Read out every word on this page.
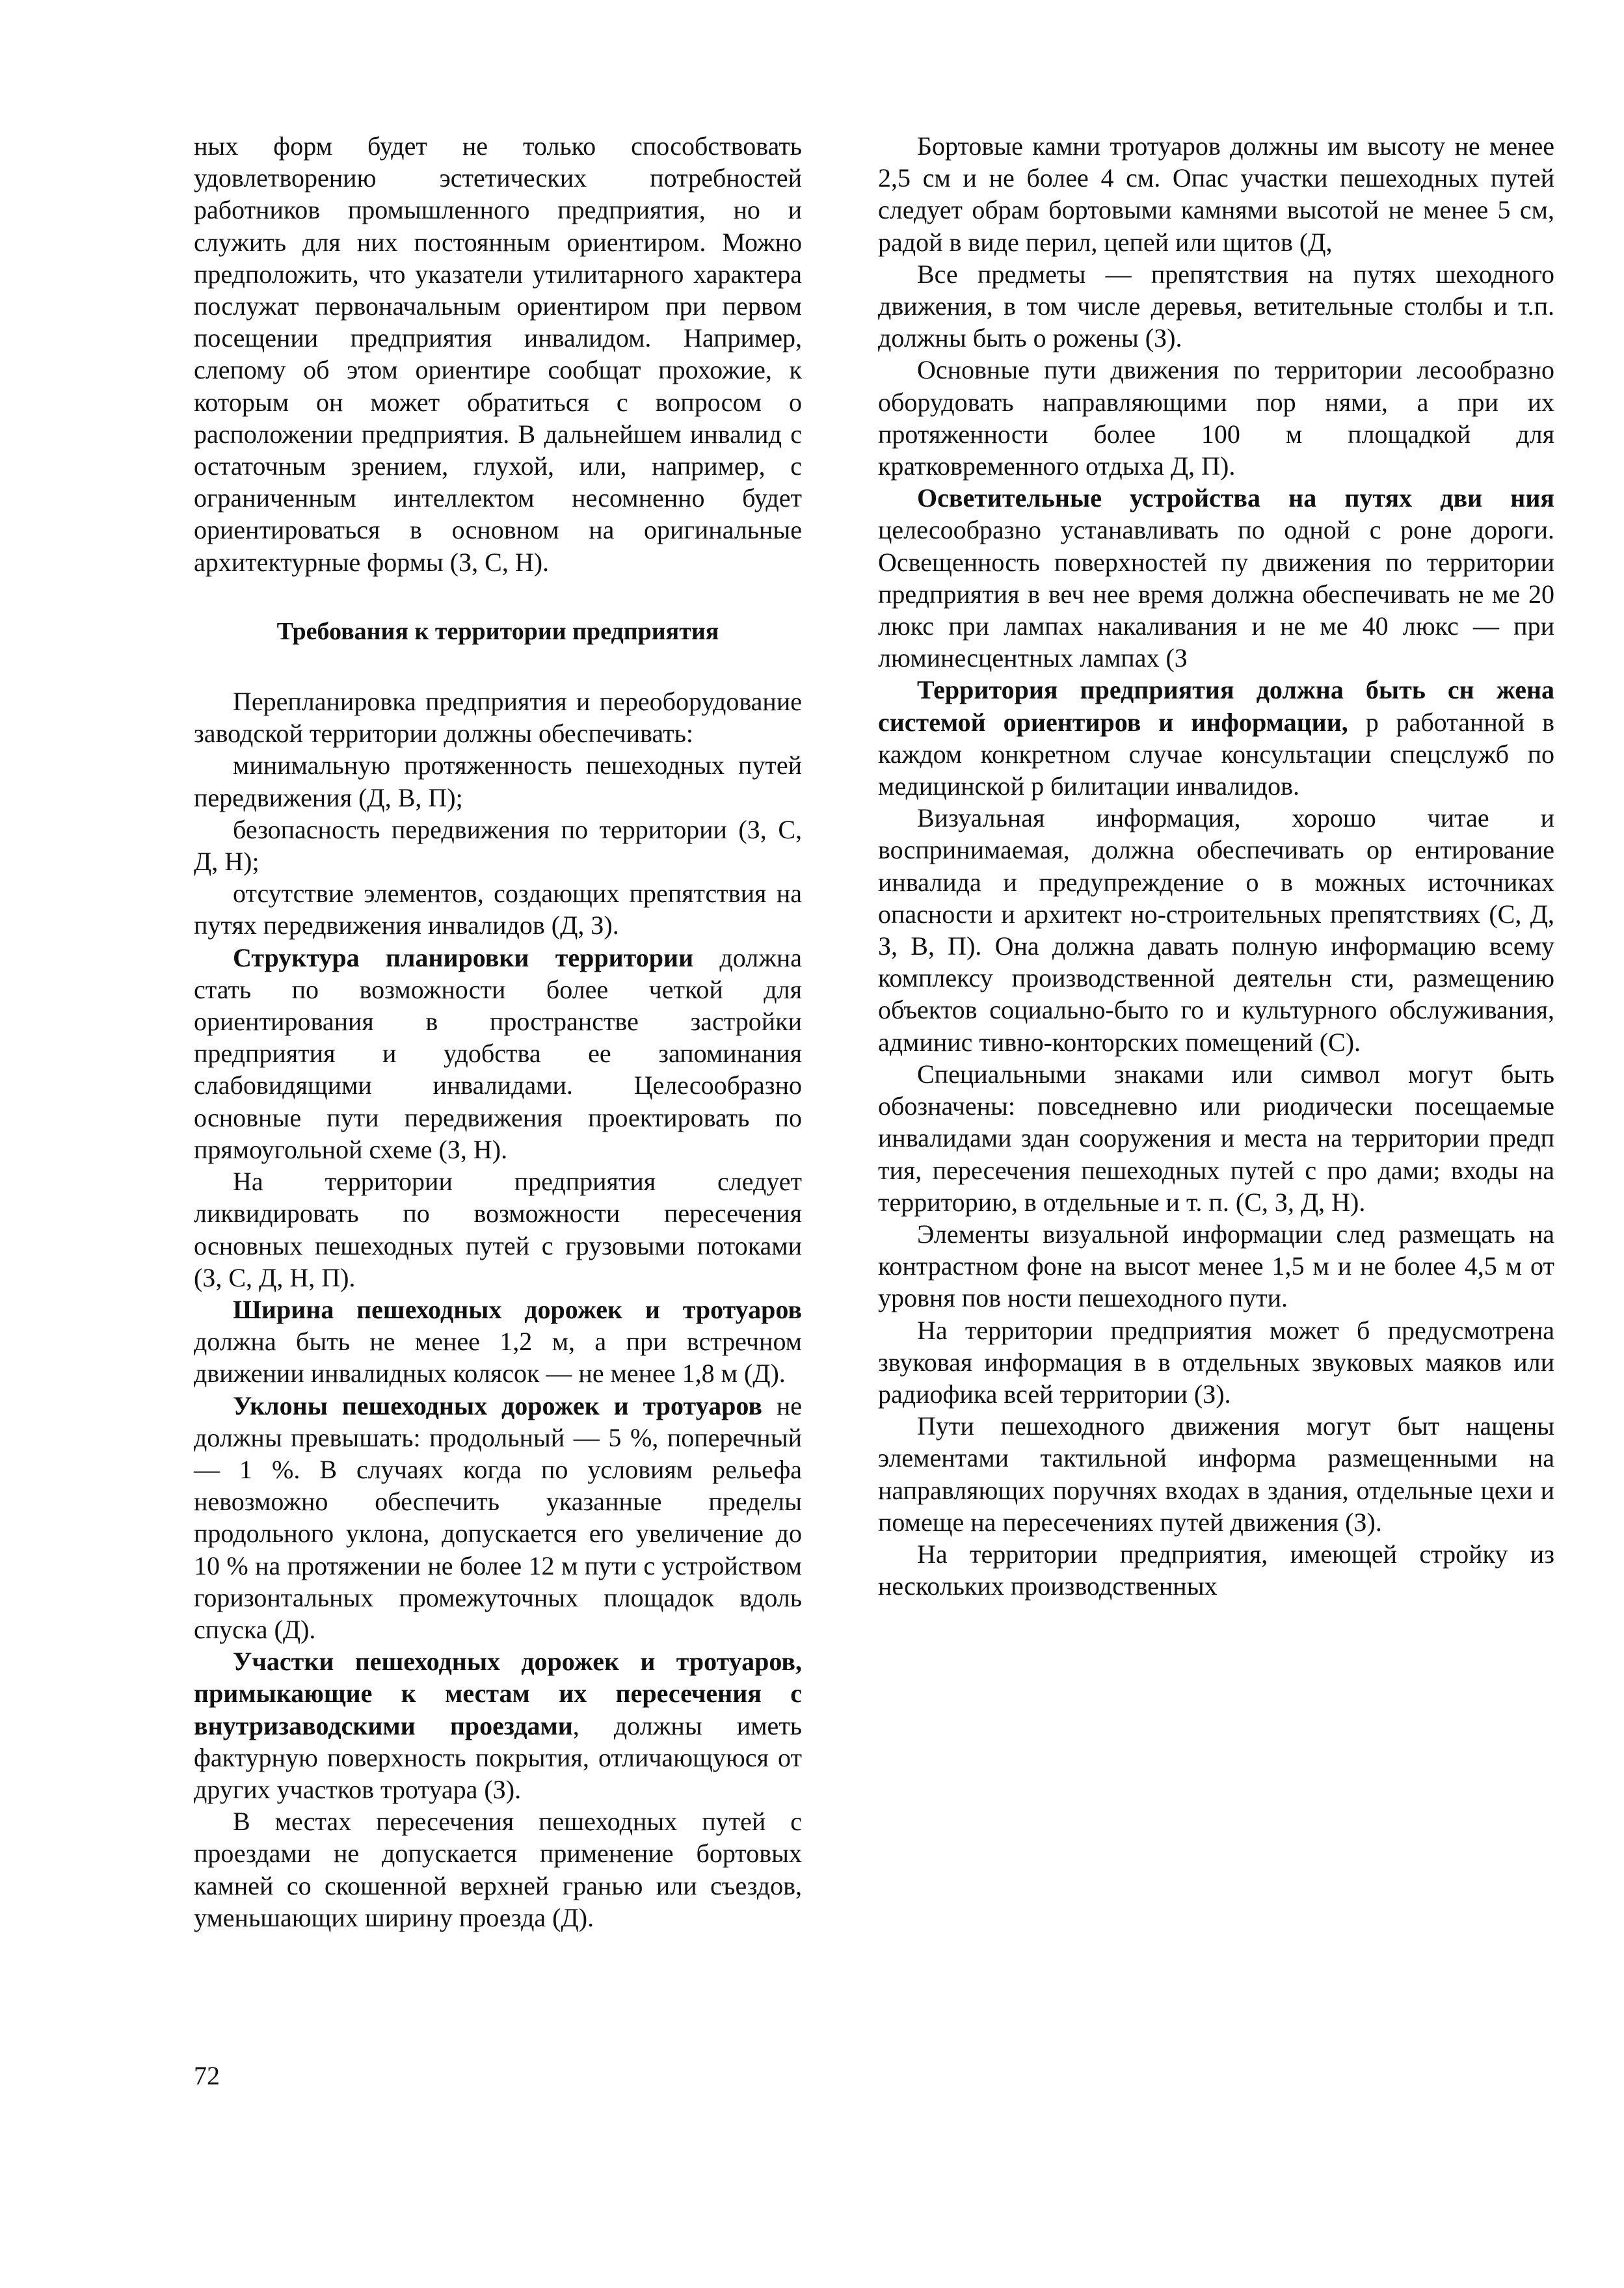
ных форм будет не только способствовать удовлетворению эстетических потребностей работников промышленного предприятия, но и служить для них постоянным ориентиром. Можно предположить, что указатели утилитарного характера послужат первоначальным ориентиром при первом посещении предприятия инвалидом. Например, слепому об этом ориентире сообщат прохожие, к которым он может обратиться с вопросом о расположении предприятия. В дальнейшем инвалид с остаточным зрением, глухой, или, например, с ограниченным интеллектом несомненно будет ориентироваться в основном на оригинальные архитектурные формы (З, С, Н).

Требования к территории предприятия

Перепланировка предприятия и переоборудование заводской территории должны обеспечивать:

минимальную протяженность пешеходных путей передвижения (Д, В, П);

безопасность передвижения по территории (З, С, Д, Н);

отсутствие элементов, создающих препятствия на путях передвижения инвалидов (Д, З).

Структура планировки территории должна стать по возможности более четкой для ориентирования в пространстве застройки предприятия и удобства ее запоминания слабовидящими инвалидами. Целесообразно основные пути передвижения проектировать по прямоугольной схеме (З, Н).

На территории предприятия следует ликвидировать по возможности пересечения основных пешеходных путей с грузовыми потоками (З, С, Д, Н, П).

Ширина пешеходных дорожек и тротуаров должна быть не менее 1,2 м, а при встречном движении инвалидных колясок — не менее 1,8 м (Д).

Уклоны пешеходных дорожек и тротуаров не должны превышать: продольный — 5 %, поперечный — 1 %. В случаях когда по условиям рельефа невозможно обеспечить указанные пределы продольного уклона, допускается его увеличение до 10 % на протяжении не более 12 м пути с устройством горизонтальных промежуточных площадок вдоль спуска (Д).

Участки пешеходных дорожек и тротуаров, примыкающие к местам их пересечения с внутризаводскими проездами, должны иметь фактурную поверхность покрытия, отличающуюся от других участков тротуара (З).

В местах пересечения пешеходных путей с проездами не допускается применение бортовых камней со скошенной верхней гранью или съездов, уменьшающих ширину проезда (Д).

Бортовые камни тротуаров должны им высоту не менее 2,5 см и не более 4 см. Опас участки пешеходных путей следует обрам бортовыми камнями высотой не менее 5 см, радой в виде перил, цепей или щитов (Д,

Все предметы — препятствия на путях шеходного движения, в том числе деревья, ветительные столбы и т.п. должны быть о рожены (З).

Основные пути движения по территории лесообразно оборудовать направляющими пор нями, а при их протяженности более 100 м площадкой для кратковременного отдыха Д, П).

Осветительные устройства на путях дви ния целесообразно устанавливать по одной с роне дороги. Освещенность поверхностей пу движения по территории предприятия в веч нее время должна обеспечивать не ме 20 люкс при лампах накаливания и не ме 40 люкс — при люминесцентных лампах (З

Территория предприятия должна быть сн жена системой ориентиров и информации, р работанной в каждом конкретном случае консультации спецслужб по медицинской р билитации инвалидов.

Визуальная информация, хорошо читае и воспринимаемая, должна обеспечивать ор ентирование инвалида и предупреждение о в можных источниках опасности и архитект но-строительных препятствиях (С, Д, З, В, П). Она должна давать полную информацию всему комплексу производственной деятельн сти, размещению объектов социально-быто го и культурного обслуживания, админис тивно-конторских помещений (С).

Специальными знаками или символ могут быть обозначены: повседневно или риодически посещаемые инвалидами здан сооружения и места на территории предп тия, пересечения пешеходных путей с про дами; входы на территорию, в отдельные и т. п. (С, З, Д, Н).

Элементы визуальной информации след размещать на контрастном фоне на высот менее 1,5 м и не более 4,5 м от уровня пов ности пешеходного пути.

На территории предприятия может б предусмотрена звуковая информация в в отдельных звуковых маяков или радиофика всей территории (З).

Пути пешеходного движения могут быт нащены элементами тактильной информа размещенными на направляющих поручнях входах в здания, отдельные цехи и помеще на пересечениях путей движения (З).

На территории предприятия, имеющей стройку из нескольких производственных

72
